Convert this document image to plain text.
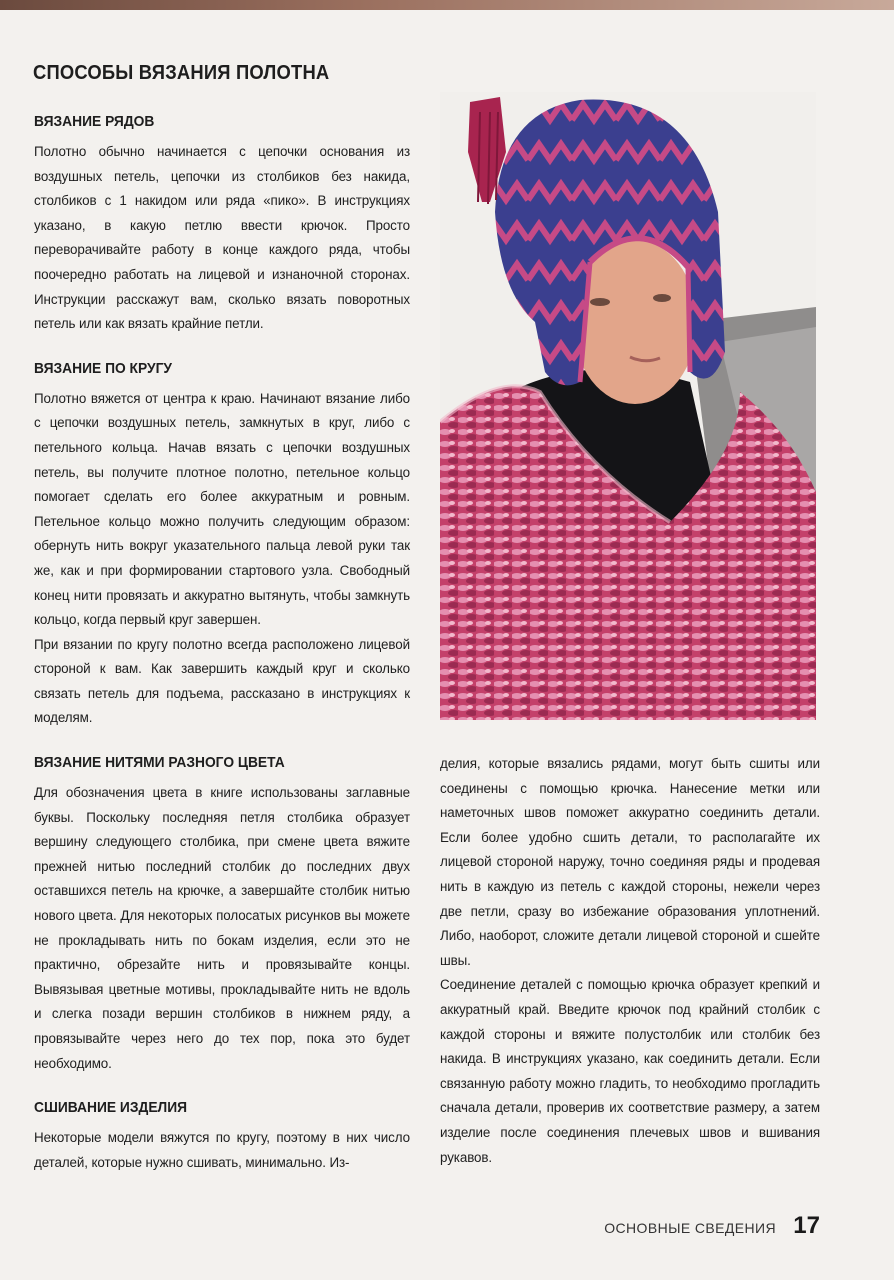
СПОСОБЫ ВЯЗАНИЯ ПОЛОТНА
ВЯЗАНИЕ РЯДОВ

Полотно обычно начинается с цепочки основания из воздушных петель, цепочки из столбиков без накида, столбиков с 1 накидом или ряда «пико». В инструкциях указано, в какую петлю ввести крючок. Просто переворачивайте работу в конце каждого ряда, чтобы поочередно работать на лицевой и изнаночной сторонах. Инструкции расскажут вам, сколько вязать поворотных петель или как вязать крайние петли.

ВЯЗАНИЕ ПО КРУГУ

Полотно вяжется от центра к краю. Начинают вязание либо с цепочки воздушных петель, замкнутых в круг, либо с петельного кольца. Начав вязать с цепочки воздушных петель, вы получите плотное полотно, петельное кольцо помогает сделать его более аккуратным и ровным. Петельное кольцо можно получить следующим образом: обернуть нить вокруг указательного пальца левой руки так же, как и при формировании стартового узла. Свободный конец нити провязать и аккуратно вытянуть, чтобы замкнуть кольцо, когда первый круг завершен.

При вязании по кругу полотно всегда расположено лицевой стороной к вам. Как завершить каждый круг и сколько связать петель для подъема, рассказано в инструкциях к моделям.

ВЯЗАНИЕ НИТЯМИ РАЗНОГО ЦВЕТА

Для обозначения цвета в книге использованы заглавные буквы. Поскольку последняя петля столбика образует вершину следующего столбика, при смене цвета вяжите прежней нитью последний столбик до последних двух оставшихся петель на крючке, а завершайте столбик нитью нового цвета. Для некоторых полосатых рисунков вы можете не прокладывать нить по бокам изделия, если это не практично, обрезайте нить и провязывайте концы. Вывязывая цветные мотивы, прокладывайте нить не вдоль и слегка позади вершин столбиков в нижнем ряду, а провязывайте через него до тех пор, пока это будет необходимо.

СШИВАНИЕ ИЗДЕЛИЯ

Некоторые модели вяжутся по кругу, поэтому в них число деталей, которые нужно сшивать, минимально. Из-

делия, которые вязались рядами, могут быть сшиты или соединены с помощью крючка. Нанесение метки или наметочных швов поможет аккуратно соединить детали. Если более удобно сшить детали, то располагайте их лицевой стороной наружу, точно соединяя ряды и продевая нить в каждую из петель с каждой стороны, нежели через две петли, сразу во избежание образования уплотнений. Либо, наоборот, сложите детали лицевой стороной и сшейте швы.

Соединение деталей с помощью крючка образует крепкий и аккуратный край. Введите крючок под крайний столбик с каждой стороны и вяжите полустолбик или столбик без накида. В инструкциях указано, как соединить детали. Если связанную работу можно гладить, то необходимо прогладить сначала детали, проверив их соответствие размеру, а затем изделие после соединения плечевых швов и вшивания рукавов.

ОСНОВНЫЕ СВЕДЕНИЯ 17
